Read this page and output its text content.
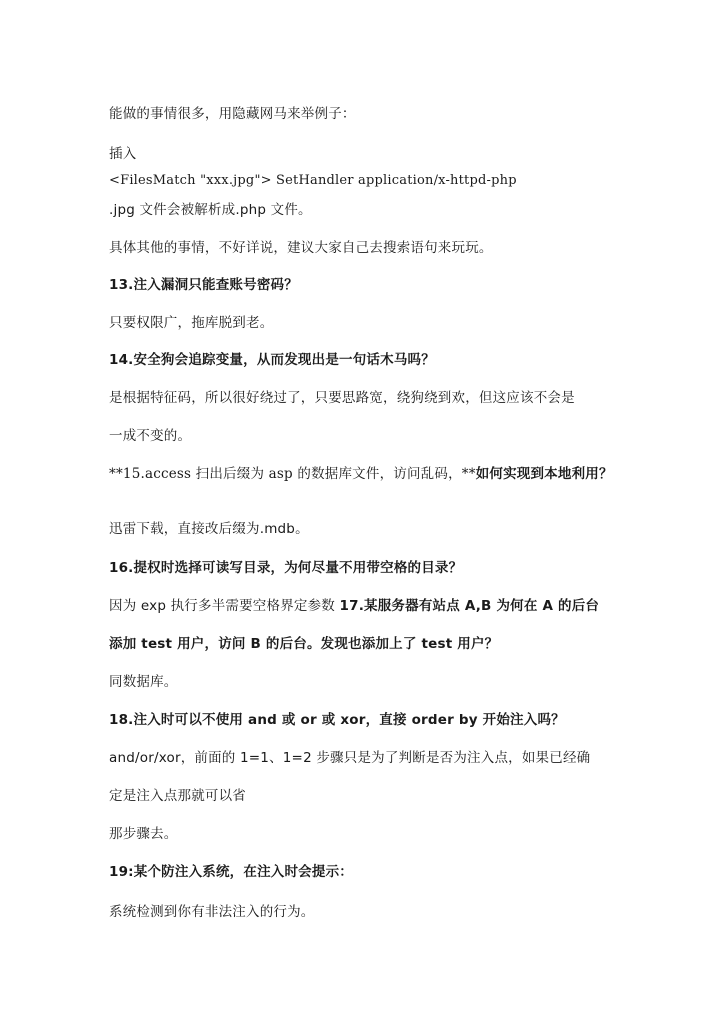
能做的事情很多，用隐藏网马来举例子：
插入
<FilesMatch "xxx.jpg"> SetHandler application/x-httpd-php
.jpg 文件会被解析成.php 文件。
具体其他的事情，不好详说，建议大家自己去搜索语句来玩玩。
13.注入漏洞只能查账号密码？
只要权限广，拖库脱到老。
14.安全狗会追踪变量，从而发现出是一句话木马吗？
是根据特征码，所以很好绕过了，只要思路宽，绕狗绕到欢，但这应该不会是
一成不变的。
**15.access 扫出后缀为 asp 的数据库文件，访问乱码，**如何实现到本地利用？
迅雷下载，直接改后缀为.mdb。
16.提权时选择可读写目录，为何尽量不用带空格的目录？
因为 exp 执行多半需要空格界定参数 17.某服务器有站点 A,B 为何在 A 的后台
添加 test 用户，访问 B 的后台。发现也添加上了 test 用户？
同数据库。
18.注入时可以不使用 and 或 or 或 xor，直接 order by 开始注入吗？
and/or/xor，前面的 1=1、1=2 步骤只是为了判断是否为注入点，如果已经确
定是注入点那就可以省
那步骤去。
19:某个防注入系统，在注入时会提示：
系统检测到你有非法注入的行为。
